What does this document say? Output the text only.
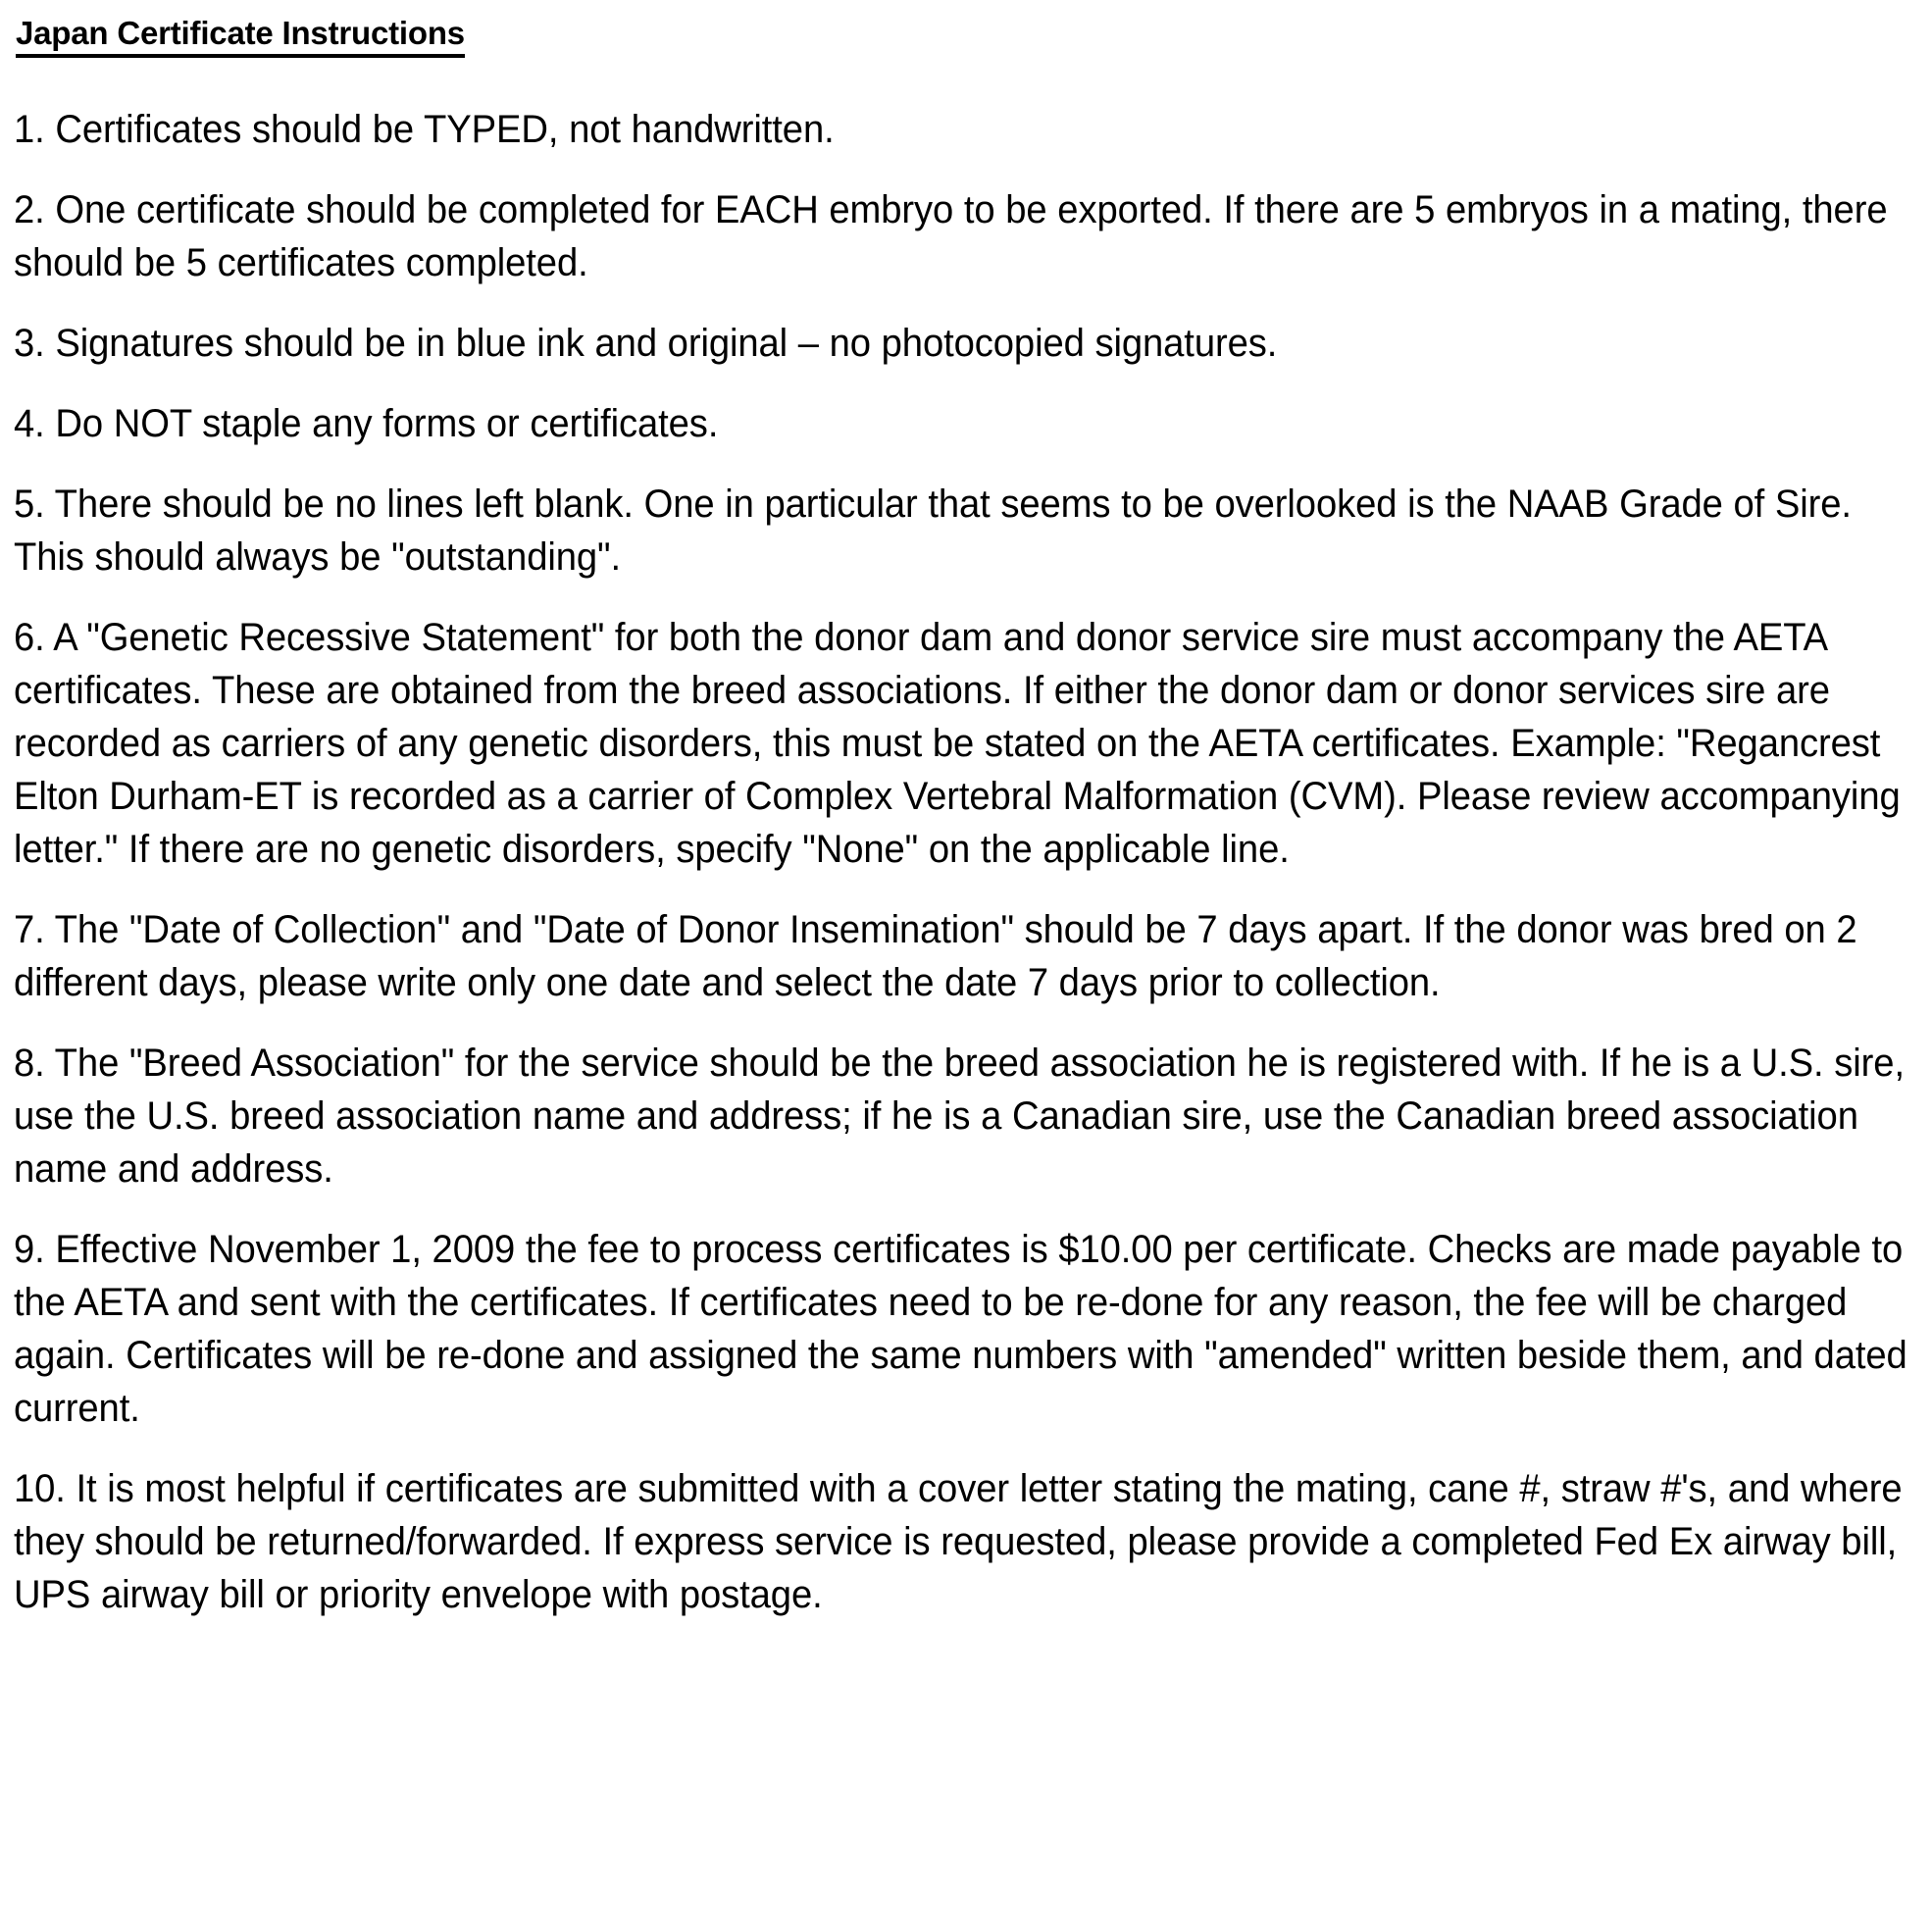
Japan Certificate Instructions

1. Certificates should be TYPED, not handwritten.

2. One certificate should be completed for EACH embryo to be exported. If there are 5 embryos in a mating, there should be 5 certificates completed.

3. Signatures should be in blue ink and original – no photocopied signatures.

4. Do NOT staple any forms or certificates.

5. There should be no lines left blank. One in particular that seems to be overlooked is the NAAB Grade of Sire. This should always be "outstanding".

6. A "Genetic Recessive Statement" for both the donor dam and donor service sire must accompany the AETA certificates. These are obtained from the breed associations. If either the donor dam or donor services sire are recorded as carriers of any genetic disorders, this must be stated on the AETA certificates. Example: "Regancrest Elton Durham-ET is recorded as a carrier of Complex Vertebral Malformation (CVM). Please review accompanying letter." If there are no genetic disorders, specify "None" on the applicable line.

7. The "Date of Collection" and "Date of Donor Insemination" should be 7 days apart. If the donor was bred on 2 different days, please write only one date and select the date 7 days prior to collection.

8. The "Breed Association" for the service should be the breed association he is registered with. If he is a U.S. sire, use the U.S. breed association name and address; if he is a Canadian sire, use the Canadian breed association name and address.

9. Effective November 1, 2009 the fee to process certificates is $10.00 per certificate. Checks are made payable to the AETA and sent with the certificates. If certificates need to be re-done for any reason, the fee will be charged again. Certificates will be re-done and assigned the same numbers with "amended" written beside them, and dated current.

10. It is most helpful if certificates are submitted with a cover letter stating the mating, cane #, straw #'s, and where they should be returned/forwarded. If express service is requested, please provide a completed Fed Ex airway bill, UPS airway bill or priority envelope with postage.
